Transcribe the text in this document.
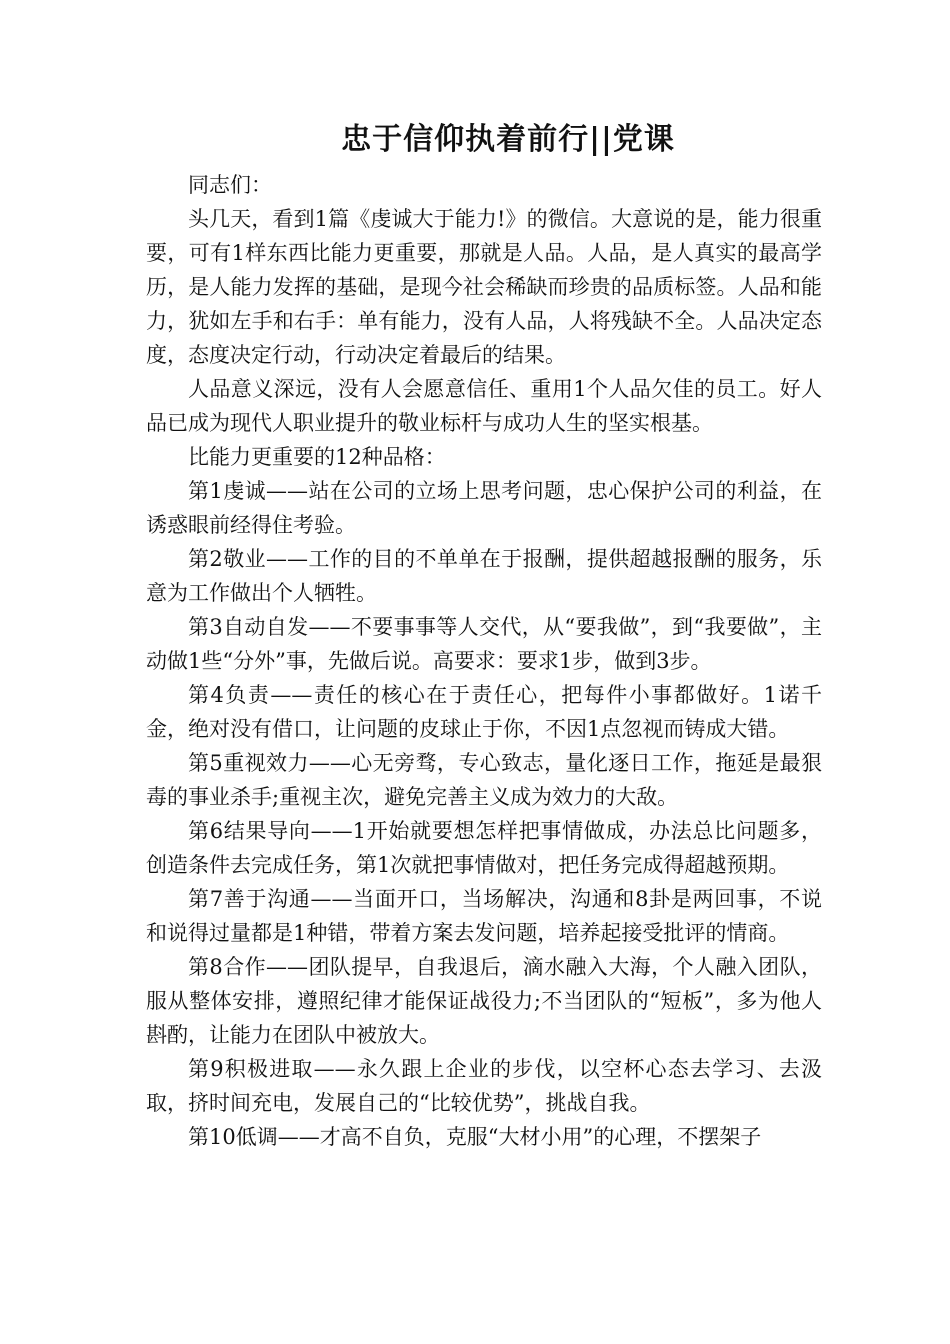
忠于信仰执着前行||党课

同志们：

头几天，看到1篇《虔诚大于能力!》的微信。大意说的是，能力很重要，可有1样东西比能力更重要，那就是人品。人品，是人真实的最高学历，是人能力发挥的基础，是现今社会稀缺而珍贵的品质标签。人品和能力，犹如左手和右手：单有能力，没有人品，人将残缺不全。人品决定态度，态度决定行动，行动决定着最后的结果。

人品意义深远，没有人会愿意信任、重用1个人品欠佳的员工。好人品已成为现代人职业提升的敬业标杆与成功人生的坚实根基。

比能力更重要的12种品格：

第1虔诚——站在公司的立场上思考问题，忠心保护公司的利益，在诱惑眼前经得住考验。

第2敬业——工作的目的不单单在于报酬，提供超越报酬的服务，乐意为工作做出个人牺牲。

第3自动自发——不要事事等人交代，从“要我做”，到“我要做”，主动做1些“分外”事，先做后说。高要求：要求1步，做到3步。

第4负责——责任的核心在于责任心，把每件小事都做好。1诺千金，绝对没有借口，让问题的皮球止于你，不因1点忽视而铸成大错。

第5重视效力——心无旁骛，专心致志，量化逐日工作，拖延是最狠毒的事业杀手;重视主次，避免完善主义成为效力的大敌。

第6结果导向——1开始就要想怎样把事情做成，办法总比问题多，创造条件去完成任务，第1次就把事情做对，把任务完成得超越预期。

第7善于沟通——当面开口，当场解决，沟通和8卦是两回事，不说和说得过量都是1种错，带着方案去发问题，培养起接受批评的情商。

第8合作——团队提早，自我退后，滴水融入大海，个人融入团队，服从整体安排，遵照纪律才能保证战役力;不当团队的“短板”，多为他人斟酌，让能力在团队中被放大。

第9积极进取——永久跟上企业的步伐，以空杯心态去学习、去汲取，挤时间充电，发展自己的“比较优势”，挑战自我。

第10低调——才高不自负，克服“大材小用”的心理，不摆架子
